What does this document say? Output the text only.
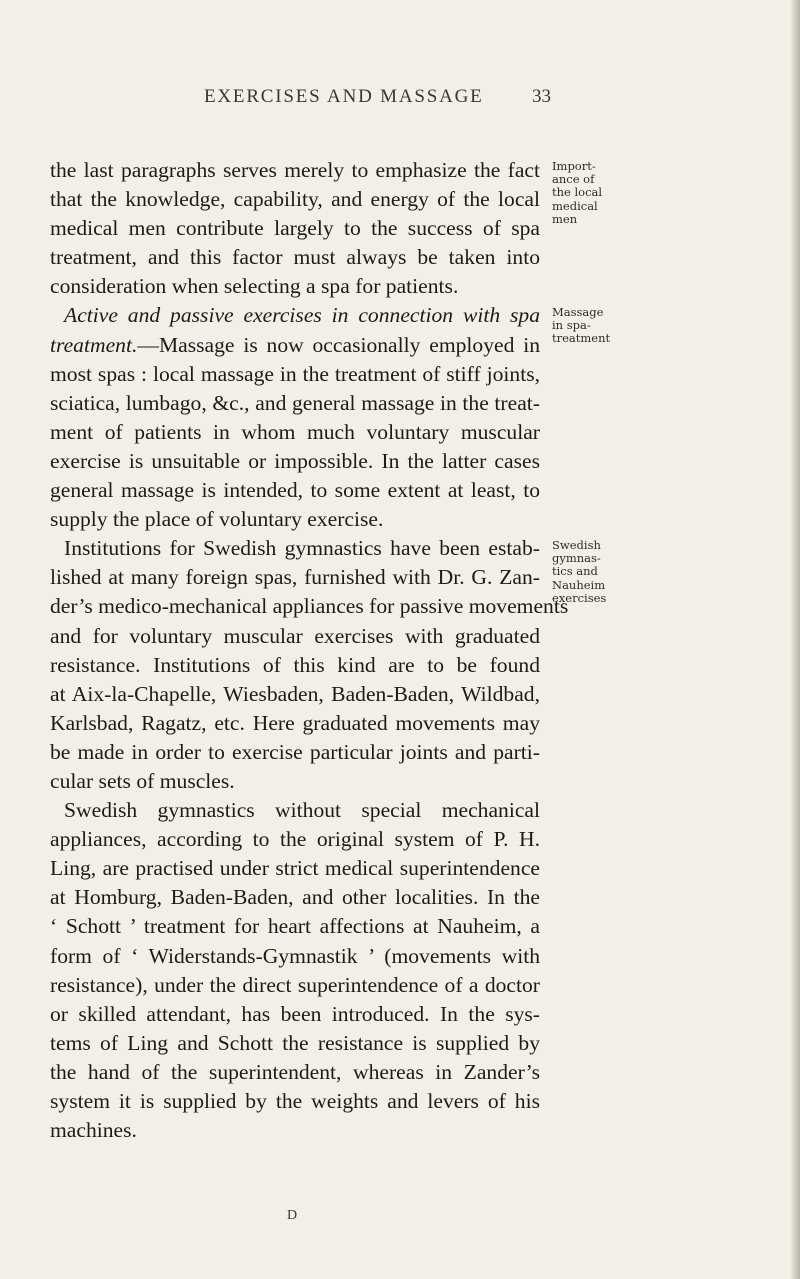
EXERCISES AND MASSAGE	33
the last paragraphs serves merely to emphasize the fact
that the knowledge, capability, and energy of the local
medical men contribute largely to the success of spa
treatment, and this factor must always be taken into
consideration when selecting a spa for patients.
Active and passive exercises in connection with spa
treatment.—Massage is now occasionally employed in
most spas : local massage in the treatment of stiff joints,
sciatica, lumbago, &c., and general massage in the treat-
ment of patients in whom much voluntary muscular
exercise is unsuitable or impossible. In the latter cases
general massage is intended, to some extent at least, to
supply the place of voluntary exercise.
Institutions for Swedish gymnastics have been estab-
lished at many foreign spas, furnished with Dr. G. Zan-
der’s medico-mechanical appliances for passive movements
and for voluntary muscular exercises with graduated
resistance. Institutions of this kind are to be found
at Aix-la-Chapelle, Wiesbaden, Baden-Baden, Wildbad,
Karlsbad, Ragatz, etc. Here graduated movements may
be made in order to exercise particular joints and parti-
cular sets of muscles.
Swedish gymnastics without special mechanical
appliances, according to the original system of P. H.
Ling, are practised under strict medical superintendence
at Homburg, Baden-Baden, and other localities. In the
‘ Schott ’ treatment for heart affections at Nauheim, a
form of ‘ Widerstands-Gymnastik ’ (movements with
resistance), under the direct superintendence of a doctor
or skilled attendant, has been introduced. In the sys-
tems of Ling and Schott the resistance is supplied by
the hand of the superintendent, whereas in Zander’s
system it is supplied by the weights and levers of his
machines.
Import-
ance of
the local
medical
men
Massage
in spa-
treatment
Swedish
gymnas-
tics and
Nauheim
exercises
D
